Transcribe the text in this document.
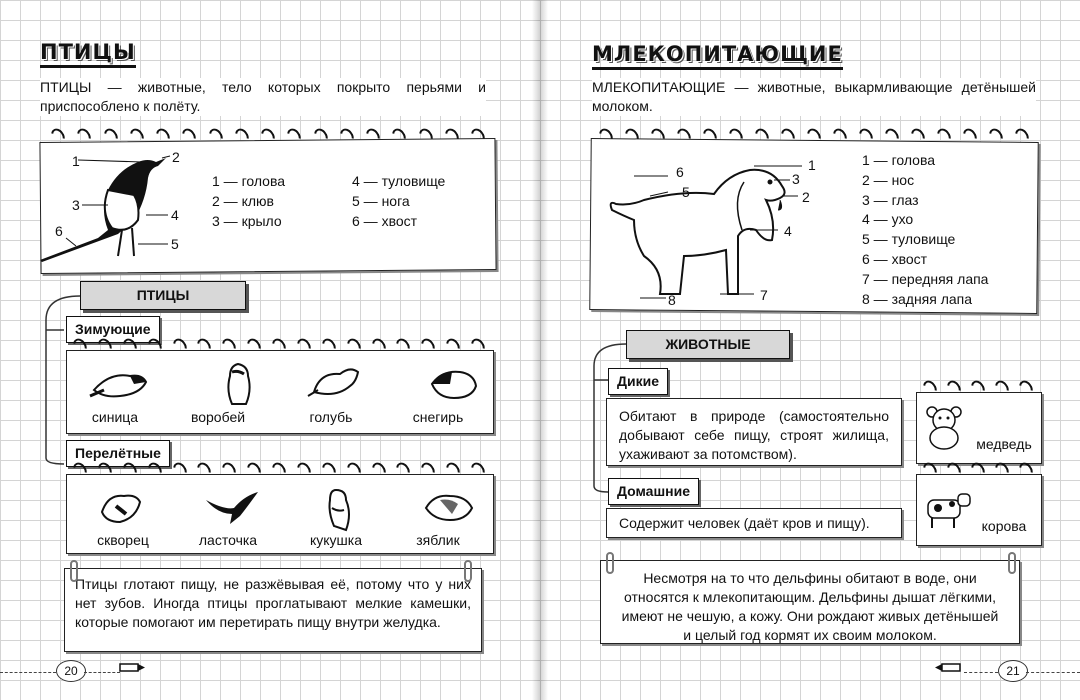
ПТИЦЫ
ПТИЦЫ — животные, тело которых покрыто перьями и приспособлено к полёту.
1	2
3
4
5
6
1 — голова
2 — клюв
3 — крыло
4 — туловище
5 — нога
6 — хвост
ПТИЦЫ
Зимующие
синица	воробей	голубь	снегирь
Перелётные
скворец	ласточка	кукушка	зяблик
Птицы глотают пищу, не разжёвывая её, потому что у них нет зубов. Иногда птицы проглатывают мелкие камешки, которые помогают им перетирать пищу внутри желудка.
20
МЛЕКОПИТАЮЩИЕ
МЛЕКОПИТАЮЩИЕ — животные, выкармливающие детёнышей молоком.
1
2
3
4
5
6
7
8
1 — голова
2 — нос
3 — глаз
4 — ухо
5 — туловище
6 — хвост
7 — передняя лапа
8 — задняя лапа
ЖИВОТНЫЕ
Дикие
Обитают в природе (самостоятельно добывают себе пищу, строят жилища, ухаживают за потомством).
медведь
Домашние
Содержит человек (даёт кров и пищу).	корова
Несмотря на то что дельфины обитают в воде, они относятся к млекопитающим. Дельфины дышат лёгкими, имеют не чешую, а кожу. Они рождают живых детёнышей и целый год кормят их своим молоком.
21
